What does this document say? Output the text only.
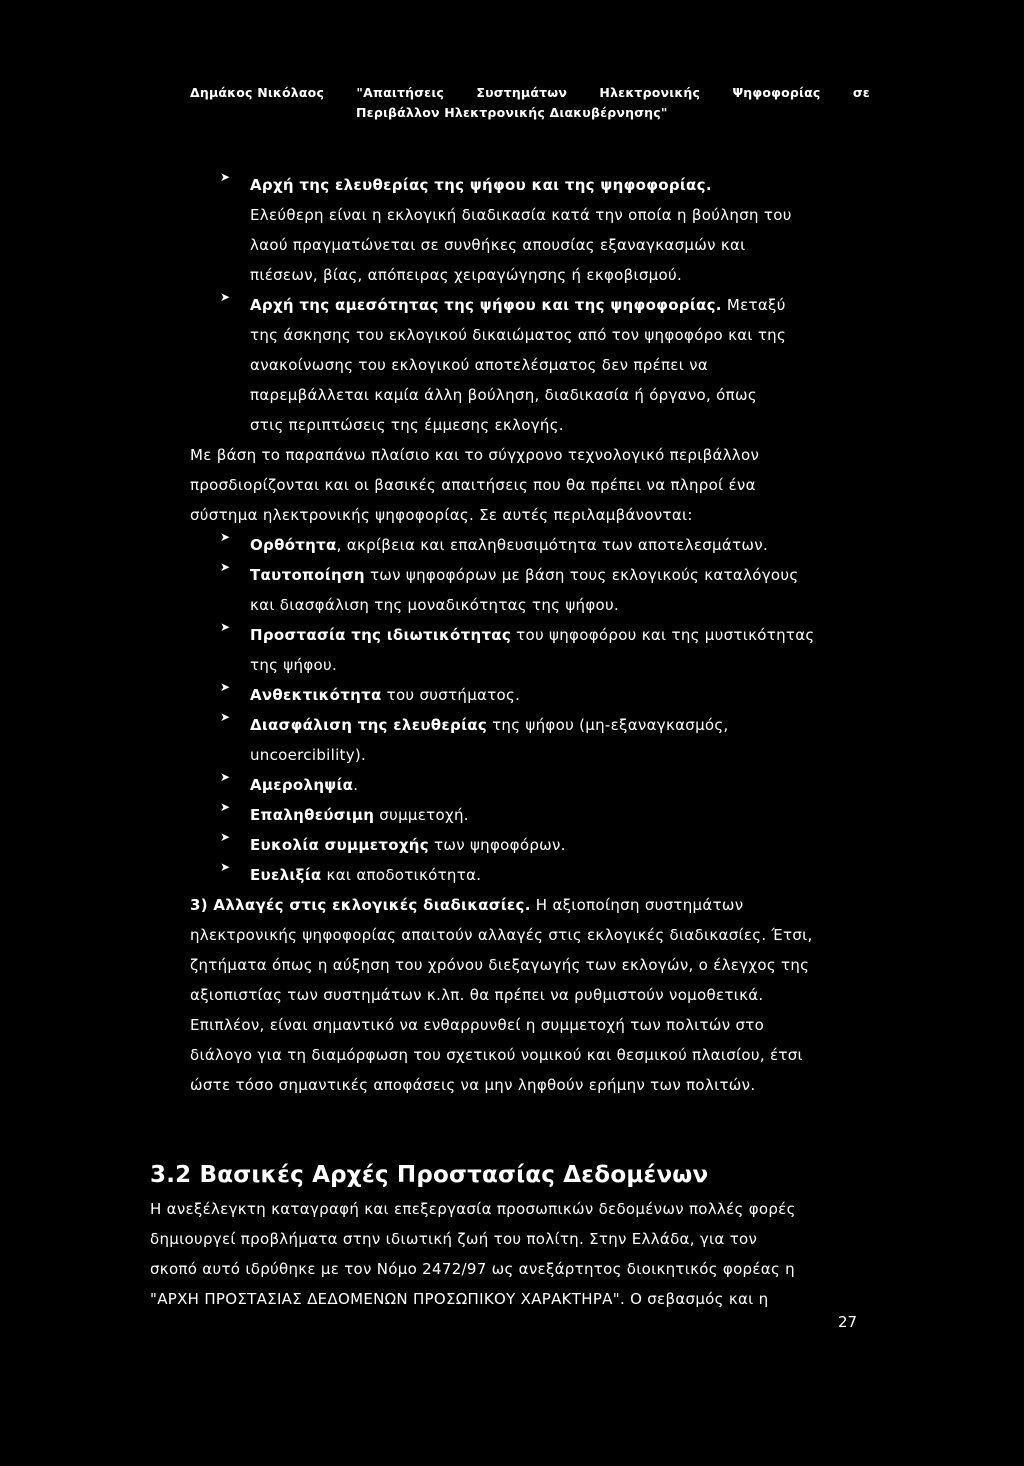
Δημάκος Νικόλαος	"Απαιτήσεις	Συστημάτων	Ηλεκτρονικής	Ψηφοφορίας	σε
Περιβάλλον Ηλεκτρονικής Διακυβέρνησης"
➤ Αρχή της ελευθερίας της ψήφου και της ψηφοφορίας.
Ελεύθερη είναι η εκλογική διαδικασία κατά την οποία η βούληση του
λαού πραγματώνεται σε συνθήκες απουσίας εξαναγκασμών και
πιέσεων, βίας, απόπειρας χειραγώγησης ή εκφοβισμού.
➤ Αρχή της αμεσότητας της ψήφου και της ψηφοφορίας. Μεταξύ
της άσκησης του εκλογικού δικαιώματος από τον ψηφοφόρο και της
ανακοίνωσης του εκλογικού αποτελέσματος δεν πρέπει να
παρεμβάλλεται καμία άλλη βούληση, διαδικασία ή όργανο, όπως
στις περιπτώσεις της έμμεσης εκλογής.
Με βάση το παραπάνω πλαίσιο και το σύγχρονο τεχνολογικό περιβάλλον
προσδιορίζονται και οι βασικές απαιτήσεις που θα πρέπει να πληροί ένα
σύστημα ηλεκτρονικής ψηφοφορίας. Σε αυτές περιλαμβάνονται:
➤ Ορθότητα, ακρίβεια και επαληθευσιμότητα των αποτελεσμάτων.
➤ Ταυτοποίηση των ψηφοφόρων με βάση τους εκλογικούς καταλόγους
και διασφάλιση της μοναδικότητας της ψήφου.
➤ Προστασία της ιδιωτικότητας του ψηφοφόρου και της μυστικότητας
της ψήφου.
➤ Ανθεκτικότητα του συστήματος.
➤ Διασφάλιση της ελευθερίας της ψήφου (μη-εξαναγκασμός,
uncoercibility).
➤ Αμεροληψία.
➤ Επαληθεύσιμη συμμετοχή.
➤ Ευκολία συμμετοχής των ψηφοφόρων.
➤ Ευελιξία και αποδοτικότητα.
3) Αλλαγές στις εκλογικές διαδικασίες. Η αξιοποίηση συστημάτων
ηλεκτρονικής ψηφοφορίας απαιτούν αλλαγές στις εκλογικές διαδικασίες. Έτσι,
ζητήματα όπως η αύξηση του χρόνου διεξαγωγής των εκλογών, ο έλεγχος της
αξιοπιστίας των συστημάτων κ.λπ. θα πρέπει να ρυθμιστούν νομοθετικά.
Επιπλέον, είναι σημαντικό να ενθαρρυνθεί η συμμετοχή των πολιτών στο
διάλογο για τη διαμόρφωση του σχετικού νομικού και θεσμικού πλαισίου, έτσι
ώστε τόσο σημαντικές αποφάσεις να μην ληφθούν ερήμην των πολιτών.
3.2 Βασικές Αρχές Προστασίας Δεδομένων
Η ανεξέλεγκτη καταγραφή και επεξεργασία προσωπικών δεδομένων πολλές φορές
δημιουργεί προβλήματα στην ιδιωτική ζωή του πολίτη. Στην Ελλάδα, για τον
σκοπό αυτό ιδρύθηκε με τον Νόμο 2472/97 ως ανεξάρτητος διοικητικός φορέας η
"ΑΡΧΗ ΠΡΟΣΤΑΣΙΑΣ ΔΕΔΟΜΕΝΩΝ ΠΡΟΣΩΠΙΚΟΥ ΧΑΡΑΚΤΗΡΑ". Ο σεβασμός και η
27
